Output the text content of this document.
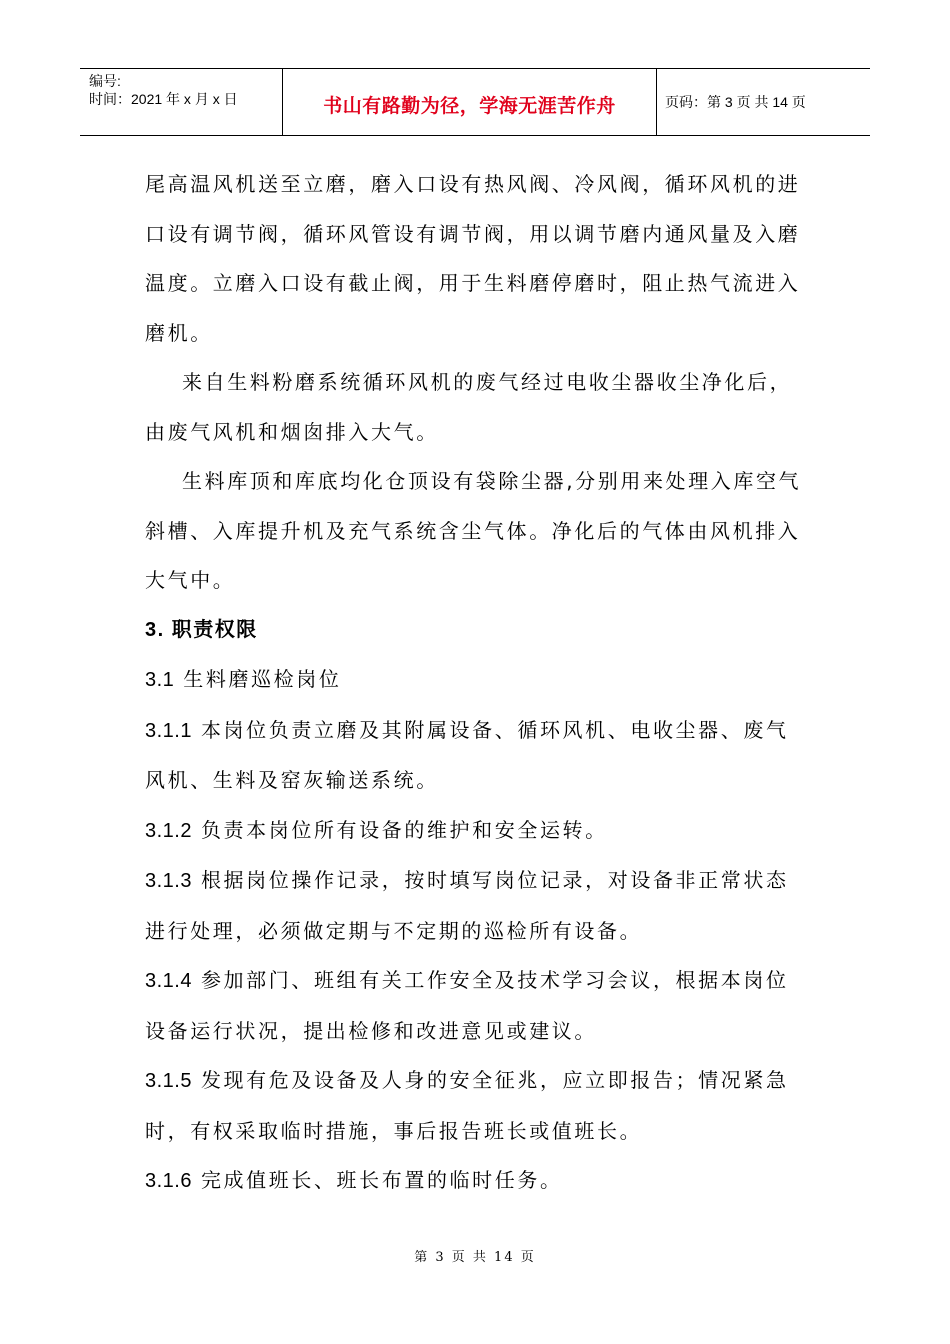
编号:
时间：2021 年 x 月 x 日	书山有路勤为径，学海无涯苦作舟	页码：第 3 页 共 14 页

尾高温风机送至立磨，磨入口设有热风阀、冷风阀，循环风机的进口设有调节阀，循环风管设有调节阀，用以调节磨内通风量及入磨温度。立磨入口设有截止阀，用于生料磨停磨时，阻止热气流进入磨机。

来自生料粉磨系统循环风机的废气经过电收尘器收尘净化后，由废气风机和烟囱排入大气。

生料库顶和库底均化仓顶设有袋除尘器,分别用来处理入库空气斜槽、入库提升机及充气系统含尘气体。净化后的气体由风机排入大气中。

3. 职责权限

3.1 生料磨巡检岗位

3.1.1 本岗位负责立磨及其附属设备、循环风机、电收尘器、废气风机、生料及窑灰输送系统。

3.1.2 负责本岗位所有设备的维护和安全运转。

3.1.3 根据岗位操作记录，按时填写岗位记录，对设备非正常状态进行处理，必须做定期与不定期的巡检所有设备。

3.1.4 参加部门、班组有关工作安全及技术学习会议，根据本岗位设备运行状况，提出检修和改进意见或建议。

3.1.5 发现有危及设备及人身的安全征兆，应立即报告；情况紧急时，有权采取临时措施，事后报告班长或值班长。

3.1.6 完成值班长、班长布置的临时任务。

第 3 页 共 14 页
